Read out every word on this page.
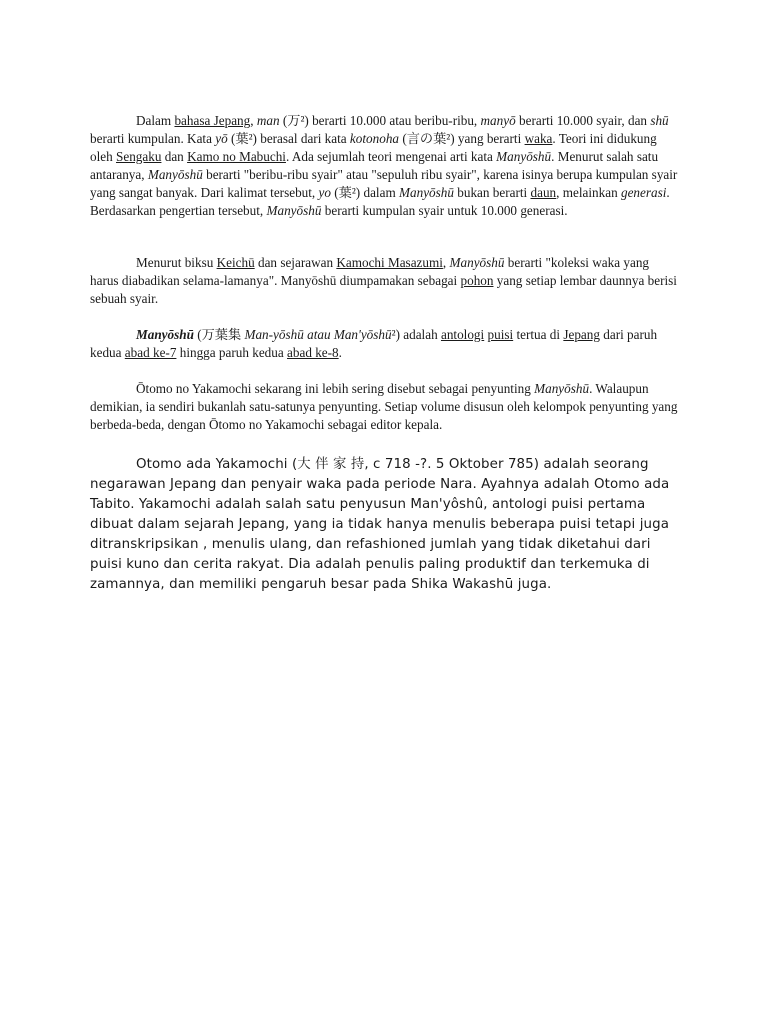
Dalam bahasa Jepang, man (万²) berarti 10.000 atau beribu-ribu, manyō berarti 10.000 syair, dan shū berarti kumpulan. Kata yō (葉²) berasal dari kata kotonoha (言の葉²) yang berarti waka. Teori ini didukung oleh Sengaku dan Kamo no Mabuchi. Ada sejumlah teori mengenai arti kata Manyōshū. Menurut salah satu antaranya, Manyōshū berarti "beribu-ribu syair" atau "sepuluh ribu syair", karena isinya berupa kumpulan syair yang sangat banyak. Dari kalimat tersebut, yo (葉²) dalam Manyōshū bukan berarti daun, melainkan generasi. Berdasarkan pengertian tersebut, Manyōshū berarti kumpulan syair untuk 10.000 generasi.

Menurut biksu Keichū dan sejarawan Kamochi Masazumi, Manyōshū berarti "koleksi waka yang harus diabadikan selama-lamanya". Manyōshū diumpamakan sebagai pohon yang setiap lembar daunnya berisi sebuah syair.

Manyōshū (万葉集 Man-yōshū atau Man'yōshū²) adalah antologi puisi tertua di Jepang dari paruh kedua abad ke-7 hingga paruh kedua abad ke-8.

Ōtomo no Yakamochi sekarang ini lebih sering disebut sebagai penyunting Manyōshū. Walaupun demikian, ia sendiri bukanlah satu-satunya penyunting. Setiap volume disusun oleh kelompok penyunting yang berbeda-beda, dengan Ōtomo no Yakamochi sebagai editor kepala.

Otomo ada Yakamochi (大 伴 家 持, c 718 -?. 5 Oktober 785) adalah seorang negarawan Jepang dan penyair waka pada periode Nara. Ayahnya adalah Otomo ada Tabito. Yakamochi adalah salah satu penyusun Man'yôshû, antologi puisi pertama dibuat dalam sejarah Jepang, yang ia tidak hanya menulis beberapa puisi tetapi juga ditranskripsikan , menulis ulang, dan refashioned jumlah yang tidak diketahui dari puisi kuno dan cerita rakyat. Dia adalah penulis paling produktif dan terkemuka di zamannya, dan memiliki pengaruh besar pada Shika Wakashū juga.
